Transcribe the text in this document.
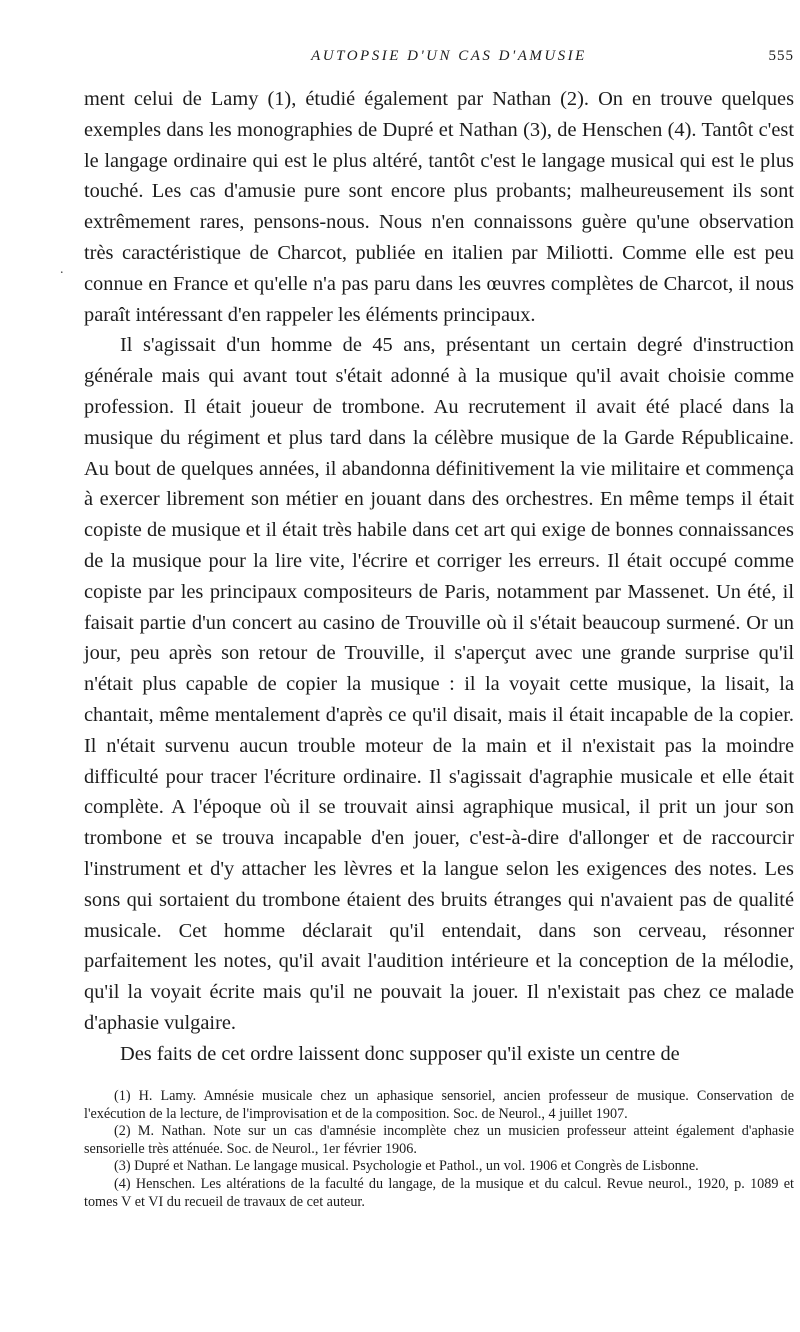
AUTOPSIE D'UN CAS D'AMUSIE	555
.

ment celui de Lamy (1), étudié également par Nathan (2). On en trouve quelques exemples dans les monographies de Dupré et Nathan (3), de Henschen (4). Tantôt c'est le langage ordinaire qui est le plus altéré, tantôt c'est le langage musical qui est le plus touché. Les cas d'amusie pure sont encore plus probants; malheureusement ils sont extrêmement rares, pensons-nous. Nous n'en connaissons guère qu'une observation très caractéristique de Charcot, publiée en italien par Miliotti. Comme elle est peu connue en France et qu'elle n'a pas paru dans les œuvres complètes de Charcot, il nous paraît intéressant d'en rappeler les éléments principaux.

Il s'agissait d'un homme de 45 ans, présentant un certain degré d'instruction générale mais qui avant tout s'était adonné à la musique qu'il avait choisie comme profession. Il était joueur de trombone. Au recrutement il avait été placé dans la musique du régiment et plus tard dans la célèbre musique de la Garde Républicaine. Au bout de quelques années, il abandonna définitivement la vie militaire et commença à exercer librement son métier en jouant dans des orchestres. En même temps il était copiste de musique et il était très habile dans cet art qui exige de bonnes connaissances de la musique pour la lire vite, l'écrire et corriger les erreurs. Il était occupé comme copiste par les principaux compositeurs de Paris, notamment par Massenet. Un été, il faisait partie d'un concert au casino de Trouville où il s'était beaucoup surmené. Or un jour, peu après son retour de Trouville, il s'aperçut avec une grande surprise qu'il n'était plus capable de copier la musique : il la voyait cette musique, la lisait, la chantait, même mentalement d'après ce qu'il disait, mais il était incapable de la copier. Il n'était survenu aucun trouble moteur de la main et il n'existait pas la moindre difficulté pour tracer l'écriture ordinaire. Il s'agissait d'agraphie musicale et elle était complète. A l'époque où il se trouvait ainsi agraphique musical, il prit un jour son trombone et se trouva incapable d'en jouer, c'est-à-dire d'allonger et de raccourcir l'instrument et d'y attacher les lèvres et la langue selon les exigences des notes. Les sons qui sortaient du trombone étaient des bruits étranges qui n'avaient pas de qualité musicale. Cet homme déclarait qu'il entendait, dans son cerveau, résonner parfaitement les notes, qu'il avait l'audition intérieure et la conception de la mélodie, qu'il la voyait écrite mais qu'il ne pouvait la jouer. Il n'existait pas chez ce malade d'aphasie vulgaire.

Des faits de cet ordre laissent donc supposer qu'il existe un centre de

(1) H. Lamy. Amnésie musicale chez un aphasique sensoriel, ancien professeur de musique. Conservation de l'exécution de la lecture, de l'improvisation et de la composition. Soc. de Neurol., 4 juillet 1907.

(2) M. Nathan. Note sur un cas d'amnésie incomplète chez un musicien professeur atteint également d'aphasie sensorielle très atténuée. Soc. de Neurol., 1er février 1906.

(3) Dupré et Nathan. Le langage musical. Psychologie et Pathol., un vol. 1906 et Congrès de Lisbonne.

(4) Henschen. Les altérations de la faculté du langage, de la musique et du calcul. Revue neurol., 1920, p. 1089 et tomes V et VI du recueil de travaux de cet auteur.
